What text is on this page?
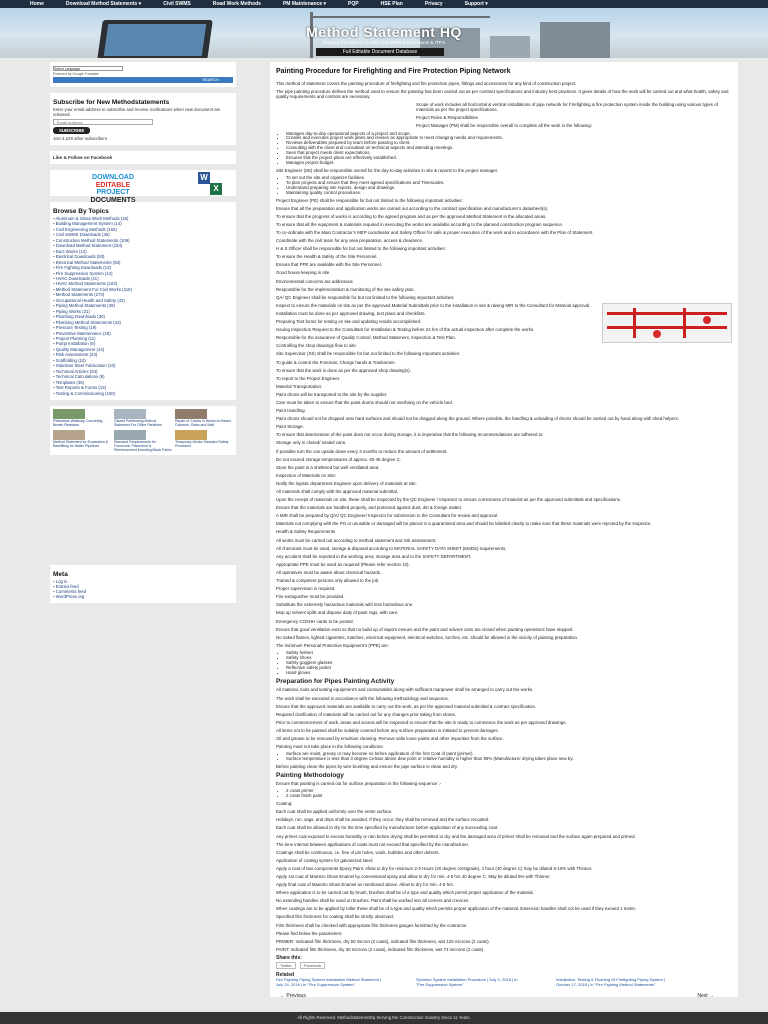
Home	Download Method Statements ▾	Civil SWMS	Road Work Methods	PM Maintenance ▾	PQP	HSE Plan	Privacy	Support ▾
Method Statement HQ
Bringing the ease to Quality HSE Method Statements & ITP’s
Full Editable Document Database
Select Language
Powered by Google Translate
SEARCH
Subscribe for New Methodstatements
Enter your email address to subscribe and receive notifications when new document are released.
Email Address
SUBSCRIBE
Join 4,229 other subscribers
Like & Follow on Facebook
DOWNLOAD
EDITABLE
PROJECT
DOCUMENTS
W
X
Browse By Topics
▪ Aluminum & Glass Work Methods (15)
▪ Building Management System (14)
▪ Civil Engineering Methods (150)
▪ Civil SWMS Downloads (36)
▪ Construction Method Statements (109)
▪ Download Method Statement (154)
▪ Duct Works (13)
▪ Electrical Downloads (83)
▪ Electrical Method Statements (83)
▪ Fire Fighting Downloads (13)
▪ Fire Suppression System (14)
▪ HVAC Downloads (41)
▪ HVAC Method Statements (103)
▪ Method Statement For Civil Works (118)
▪ Method Statements (273)
▪ Occupational Health and Safety (42)
▪ Piping Method Statements (39)
▪ Piping Works (31)
▪ Plumbing Downloads (30)
▪ Plumbing Method Statements (43)
▪ Pressure Testing (19)
▪ Preventive Maintenance (18)
▪ Project Planning (11)
▪ Pump Installation (6)
▪ Quality Management (44)
▪ Risk Assessment (23)
▪ Scaffolding (10)
▪ Stainless Steel Fabrication (10)
▪ Technical Articles (53)
▪ Technical Calculations (9)
▪ Templates (35)
▪ Test Reports & Forms (15)
▪ Testing & Commissioning (100)
Pedestrian Walkway Concreting - Breath Resistant
Glazed Partitioning Method Statement For Office Partitions
Repair of Cracks in Works on Beam, Columns, Slabs and Wall
Method Statement for Excavation & Backfilling for Water Pipelines
Standard Requirements for Formwork, Placement & Reinforcement including Block Fabric
Temporary Works Standard Safety Procedure
Meta
▪ Log in
▪ Entries feed
▪ Comments feed
▪ WordPress.org
Painting Procedure for Firefighting and Fire Protection Piping Network

This method of statement covers the painting procedure of firefighting and fire protection pipes, fittings and accessories for any kind of construction project.

The pipe painting procedure defines the method used to ensure the painting has been carried out as per contract specifications and industry best practices. It gives details of how the work will be carried out and what health, safety and quality requirements and controls are necessary.

Scope of work includes all horizontal & vertical installations of pipe network for Firefighting & fire protection system inside the building using various types of materials as per the project specifications.

Project Roles & Responsibilities

Project Manager (PM) shall be responsible overall to complete all the work in the following:

• Manages day-to-day operational aspects of a project and scope.
• Creates and executes project work plans and revises as appropriate to meet changing needs and requirements.
• Reviews deliverables prepared by team before passing to client.
• Consulting with the client and consultant on technical aspects and attending meetings.
• Sees that project meets client expectations.
• Ensures that the project plans are effectively established.
• Manages project budget.

Site Engineer (SE) shall be responsible overall for the day-to-day activities in site & reports to the project manager.

• To set out the site and organize facilities.
• To plan projects and ensure that they meet agreed specifications and Timescales.
• Understand preparing site reports, design and drawings.
• Maintaining quality control procedures.

Project Engineer (PE) shall be responsible for but not limited to the following important activities:

Ensure that all the preparation and application works are carried out according to the contract specification and manufacturer’s datasheet(s).

To ensure that the progress of works is according to the agreed program and as per the approved Method Statement in the allocated areas.

To ensure that all the equipment & materials required in executing the works are available according to the planned construction program sequence.

To co-ordinate with the Main Contractor’s MEP coordinator and Safety Officer for safe & proper execution of the work and in accordance with the Plan of Statement.

Coordinate with the civil team for any area preparation, access & clearance.

H & S Officer shall be responsible for but not limited to the following important activities:

To ensure the Health & Safety of the Site Personnel.

Ensure that PPE are available with the Site Personnel.

Good house keeping in site.

Environmental concerns are addressed.

Responsible for the implementation & monitoring of the site safety plan.

QA/ QC Engineer shall be responsible for but not limited to the following important activities:

Inspect to ensure the materials on site as per the approved Material Submittals prior to the installation in site & raising MIR to the Consultant for Material approval.

Installation must be done as per approved drawing, test plans and checklists.

Preparing Test forms for testing on site and updating results accomplished.

Issuing Inspection Request to the Consultant for Installation & Testing before 24 hrs of the actual inspection after complete the works.

Responsible for the assurance of Quality Control, Method Statement, Inspection & Test Plan.

Controlling the shop drawings flow to site.

Site Supervisor (SS) shall be responsible for but not limited to the following important activities:

To guide & control the Foreman, Charge hands & Tradesmen.

To ensure that the work is done as per the approved shop drawing(s).

To report to the Project Engineer.

Material Transportation:

Paint drums will be transported to the site by the supplier.

Care must be taken to ensure that the paint drums should not overhang on the vehicle bed.

Paint Handling:

Paint drums should not be dropped onto hard surfaces and should not be dragged along the ground. Where possible, the handling & unloading of drums should be carried out by hand along with shed helpers.

Paint Storage:

To ensure that deterioration of the paint does not occur during storage, it is imperative that the following recommendations are adhered to:

Storage only in closed/ sealed cans.

If possible turn the can upside down every 3 months to reduce the amount of settlement.

Do not exceed storage temperatures of approx. 40-45 degree C.

Store the paint in a sheltered but well ventilated area.

Inspection of Materials on Site:

Notify the logistic department Engineer upon delivery of materials at site.

All materials shall comply with the approved material submittal.

Upon the receipt of materials on site, these shall be inspected by the QC Engineer / Inspector to ensure correctness of material as per the approved submittals and specifications.

Ensure that the materials are handled properly, and protected against dust, dirt & foreign matter.

A MIR shall be prepared by Q/A/ QC Engineer/ Inspector for submission to the Consultant for review and approval.

Materials not complying with the PO or unusable or damaged will be placed in a quarantined area and should be labelled clearly to make sure that these materials were rejected by the Inspector.

Health & Safety Requirements

All works must be carried out according to method statement and risk assessment.

All chemicals must be used, storage & disposal according to MATERIAL SAFETY DATA SHEET (MSDS) requirements.

Any accident shall be reported in the working area, storage area and to the SAFETY DEPARTMENT.

Appropriate PPE must be used as required (Please refer section 10).

All operatives must be aware about chemical hazards.

Trained & competent persons only allowed to the job.

Proper supervision is required.

Fire extinguisher must be provided.

Substitute the extremely hazardous materials with less hazardous one.

Mop up solvent spills and dispose daily of paint rags, with care.

Emergency COSHH cards to be posted.

Ensure that good ventilation exist so that no build up of vapors ensues and the paint and solvent cans are closed when painting operations have stopped.

No naked flames, lighted cigarettes, matches, electrical equipment, electrical switches, torches, etc. should be allowed in the vicinity of painting preparation.

The minimum Personal Protective Equipment’s (PPE) are:

• Safety helmet
• Safety shoes
• Safety goggles/ glasses
• Reflective safety jacket
• Hand gloves
Preparation for Pipes Painting Activity

All material, tools and testing equipment’s and consumables along with sufficient manpower shall be arranged to carry out the works.

The work shall be executed in accordance with the following methodology and sequence.

Ensure that the approved materials are available to carry out the work, as per the approved material submittal & contract specification.

Required clarification of materials will be carried out for any changes prior taking from stores.

Prior to commencement of work, areas and access will be inspected to ensure that the site is ready to commence the work as per approved drawings.

All items not to be painted shall be suitably covered before any surface preparation is initiated to prevent damages.

Oil and grease to be removed by emulsion cleaning. Remove salts loose paints and other impurities from the surface.

Painting must not take place in the following conditions:

• Surface are moist, greasy or may become so before application of the first Coat of paint (primer).
• Surface temperature is less than 3 degree Celsius above dew point or relative humidity is higher than 85% (Manufacturer drying takes place new by.

Before painting clean the pipes by wire brushing and ensure the pipe surface is clean and dry.

Painting Methodology

Ensure that painting is carried out for surface preparation in the following sequence :-

• 2 coats primer
• 2 coats finish paint

Coating:

Each coat shall be applied uniformly over the entire surface.

Holidays, run, sags, and drips shall be avoided. If they occur, they shall be removed and the surface recoated.

Each coat shall be allowed to dry for the time specified by manufacturer before application of any succeeding coat.

Any primer coat exposed to excess humidity or rain before drying shall be permitted to dry and the damaged area of primer shall be removed and the surface again prepared and primed.

The time interval between applications of coats must not exceed that specified by the manufacturer.

Coatings shall be continuous, i.e. free of pin holes, voids, bubbles and other defects.

Application of coating system for galvanized steel:

Apply a coat of two components Epoxy Paint. Allow to dry for minimum 2-3 Hours (20 degree centigrade), 1 hour (40 degree C) may be diluted 5-10% with Thinner.

Apply 1st coat of Maestro Gloss Enamel by conventional spray and allow to dry for min. 4-5 hrs 40 degree C. May be diluted 5% with Thinner.

Apply final coat of Maestro Gloss Enamel as mentioned above. Allow to dry for min. 4-5 hrs.

Where application is to be carried out by brush, brushes shall be of a type and quality which permit proper application of the material.

No extending handles shall be used on brushes. Paint shall be worked into all corners and crevices.

When coatings are to be applied by roller these shall be of a type and quality which permits proper application of the material. Extension handles shall not be used if they exceed 1 meter.

Specified film thickness for coating shall be strictly observed.

Film thickness shall be checked with appropriate film thickness gauges furnished by the contractor.

Please find below the parameters:

PRIMER: Indicated film thickness, dry 50 micron (2 coats), indicated film thickness, wet 125 microns (2 coats).

PAINT: Indicated film thickness, dry 30 microns (2 coats), indicated film thickness, wet 73 microns (2 coats).

Share this:
Twitter	Facebook
Related
Fire Fighting Piping System Installation Method Statement | July 24, 2018 | In "Fire Suppression System"
Sprinkler System Installation Procedure | July 4, 2018 | In "Fire Suppression System"
Installation, Testing & Flushing Of Firefighting Piping System | October 17, 2018 | In "Fire Fighting Method Statements"
← Previous	Next →
All Rights Reserved. Methodstatementhq Serving the Construction Industry Since 11 Years.
